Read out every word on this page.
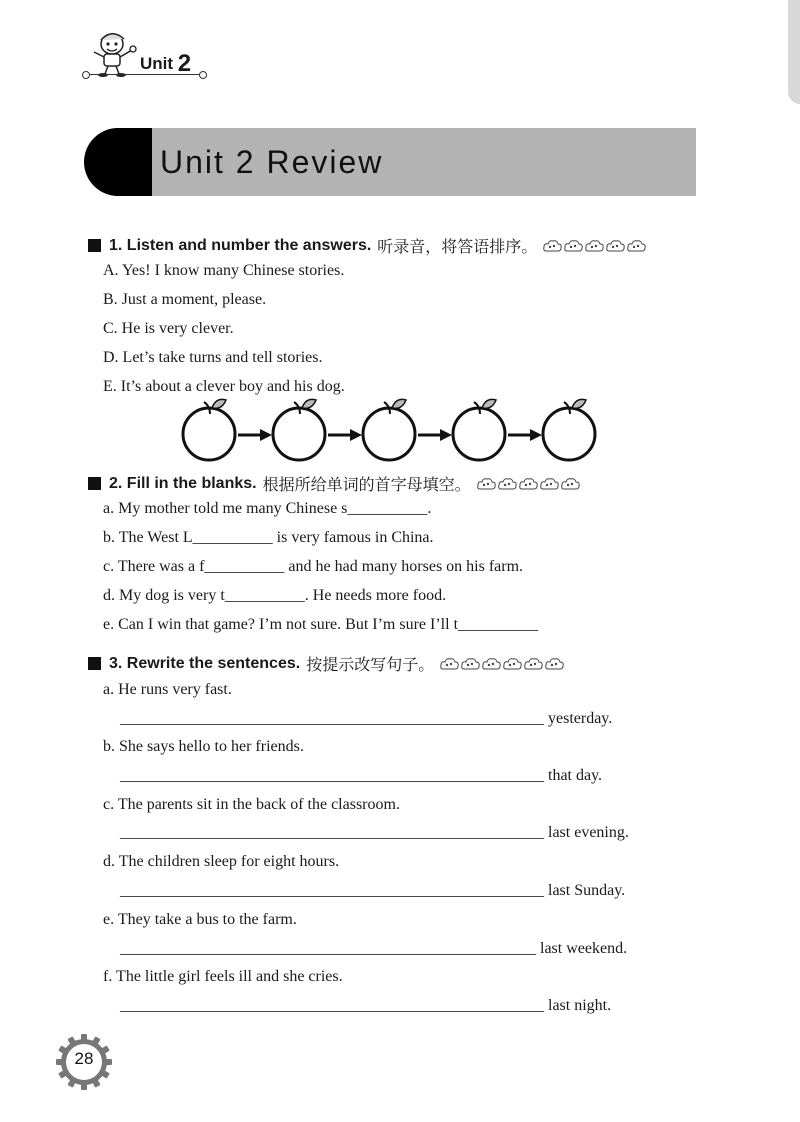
Unit 2
Unit 2 Review
1. Listen and number the answers. 听录音，将答语排序。
A. Yes! I know many Chinese stories.
B. Just a moment, please.
C. He is very clever.
D. Let’s take turns and tell stories.
E. It’s about a clever boy and his dog.
2. Fill in the blanks. 根据所给单词的首字母填空。
a. My mother told me many Chinese s__________.
b. The West L__________ is very famous in China.
c. There was a f__________ and he had many horses on his farm.
d. My dog is very t__________. He needs more food.
e. Can I win that game? I’m not sure. But I’m sure I’ll t__________
3. Rewrite the sentences. 按提示改写句子。
a. He runs very fast.
_____________________________________________________ yesterday.
b. She says hello to her friends.
_____________________________________________________ that day.
c. The parents sit in the back of the classroom.
_____________________________________________________ last evening.
d. The children sleep for eight hours.
_____________________________________________________ last Sunday.
e. They take a bus to the farm.
____________________________________________________ last weekend.
f. The little girl feels ill and she cries.
_____________________________________________________ last night.
28
